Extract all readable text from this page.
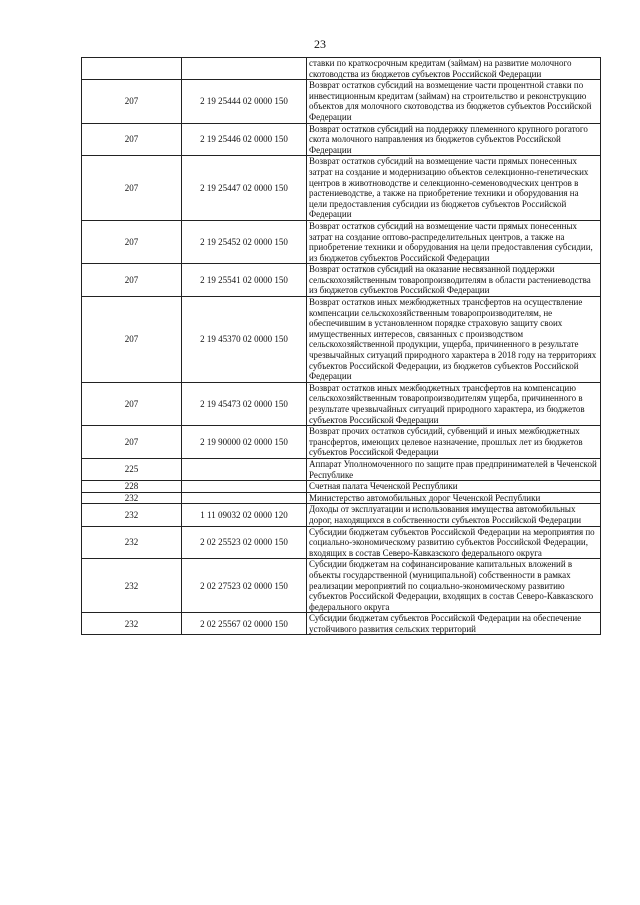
23
		ставки по краткосрочным кредитам (займам) на развитие молочного скотоводства из бюджетов субъектов Российской Федерации
207	2 19 25444 02 0000 150	Возврат остатков субсидий на возмещение части процентной ставки по инвестиционным кредитам (займам) на строительство и реконструкцию объектов для молочного скотоводства из бюджетов субъектов Российской Федерации
207	2 19 25446 02 0000 150	Возврат остатков субсидий на поддержку племенного крупного рогатого скота молочного направления из бюджетов субъектов Российской Федерации
207	2 19 25447 02 0000 150	Возврат остатков субсидий на возмещение части прямых понесенных затрат на создание и модернизацию объектов селекционно-генетических центров в животноводстве и селекционно-семеноводческих центров в растениеводстве, а также на приобретение техники и оборудования на цели предоставления субсидии из бюджетов субъектов Российской Федерации
207	2 19 25452 02 0000 150	Возврат остатков субсидий на возмещение части прямых понесенных затрат на создание оптово-распределительных центров, а также на приобретение техники и оборудования на цели предоставления субсидии, из бюджетов субъектов Российской Федерации
207	2 19 25541 02 0000 150	Возврат остатков субсидий на оказание несвязанной поддержки сельскохозяйственным товаропроизводителям в области растениеводства из бюджетов субъектов Российской Федерации
207	2 19 45370 02 0000 150	Возврат остатков иных межбюджетных трансфертов на осуществление компенсации сельскохозяйственным товаропроизводителям, не обеспечившим в установленном порядке страховую защиту своих имущественных интересов, связанных с производством сельскохозяйственной продукции, ущерба, причиненного в результате чрезвычайных ситуаций природного характера в 2018 году на территориях субъектов Российской Федерации, из бюджетов субъектов Российской Федерации
207	2 19 45473 02 0000 150	Возврат остатков иных межбюджетных трансфертов на компенсацию сельскохозяйственным товаропроизводителям ущерба, причиненного в результате чрезвычайных ситуаций природного характера, из бюджетов субъектов Российской Федерации
207	2 19 90000 02 0000 150	Возврат прочих остатков субсидий, субвенций и иных межбюджетных трансфертов, имеющих целевое назначение, прошлых лет из бюджетов субъектов Российской Федерации
225		Аппарат Уполномоченного по защите прав предпринимателей в Чеченской Республике
228		Счетная палата Чеченской Республики
232		Министерство автомобильных дорог Чеченской Республики
232	1 11 09032 02 0000 120	Доходы от эксплуатации и использования имущества автомобильных дорог, находящихся в собственности субъектов Российской Федерации
232	2 02 25523 02 0000 150	Субсидии бюджетам субъектов Российской Федерации на мероприятия по социально-экономическому развитию субъектов Российской Федерации, входящих в состав Северо-Кавказского федерального округа
232	2 02 27523 02 0000 150	Субсидии бюджетам на софинансирование капитальных вложений в объекты государственной (муниципальной) собственности в рамках реализации мероприятий по социально-экономическому развитию субъектов Российской Федерации, входящих в состав Северо-Кавказского федерального округа
232	2 02 25567 02 0000 150	Субсидии бюджетам субъектов Российской Федерации на обеспечение устойчивого развития сельских территорий
